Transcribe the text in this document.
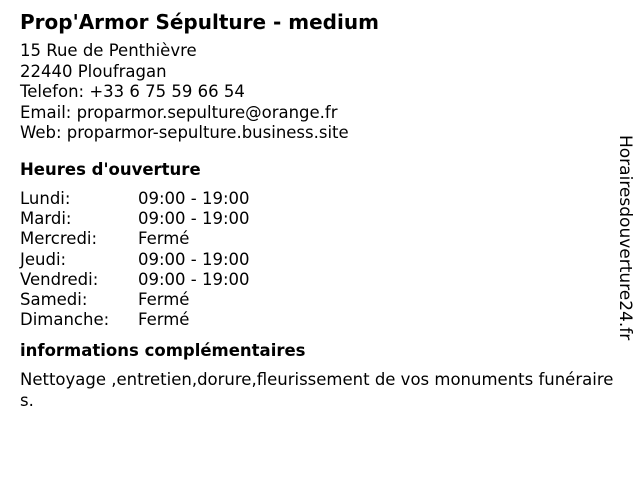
Prop'Armor Sépulture - medium
15 Rue de Penthièvre
22440 Ploufragan
Telefon: +33 6 75 59 66 54
Email: proparmor.sepulture@orange.fr
Web: proparmor-sepulture.business.site
Heures d'ouverture
Lundi:	09:00 - 19:00
Mardi:	09:00 - 19:00
Mercredi:	Fermé
Jeudi:	09:00 - 19:00
Vendredi:	09:00 - 19:00
Samedi:	Fermé
Dimanche:	Fermé
informations complémentaires
Nettoyage ,entretien,dorure,fleurissement de vos monuments funéraires.
Horairesdouverture24.fr
